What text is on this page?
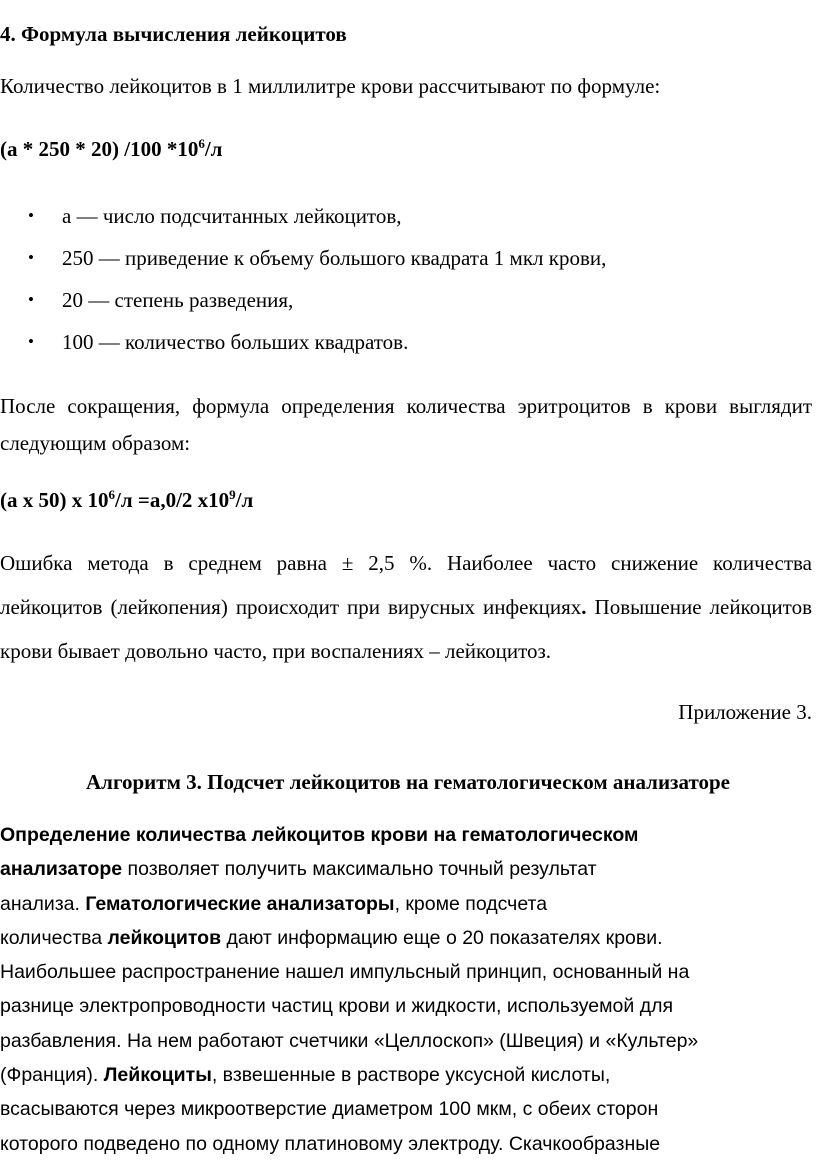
4. Формула вычисления лейкоцитов

Количество лейкоцитов в 1 миллилитре крови рассчитывают по формуле:

(а * 250 * 20) /100 $*10^6/л$

• а — число подсчитанных лейкоцитов,
• 250 — приведение к объему большого квадрата 1 мкл крови,
• 20 — степень разведения,
• 100 — количество больших квадратов.

После сокращения, формула определения количества эритроцитов в крови выглядит следующим образом:

(а х 50) х $10^6/л =а,0/2$ $х10^9/л$

Ошибка метода в среднем равна ± 2,5 %. Наиболее часто снижение количества лейкоцитов (лейкопения) происходит при вирусных инфекциях. Повышение лейкоцитов крови бывает довольно часто, при воспалениях – лейкоцитоз.

Приложение 3.

Алгоритм 3. Подсчет лейкоцитов на гематологическом анализаторе

Определение количества лейкоцитов крови на гематологическом
анализаторе позволяет получить максимально точный результат
анализа. Гематологические анализаторы, кроме подсчета
количества лейкоцитов дают информацию еще о 20 показателях крови.
Наибольшее распространение нашел импульсный принцип, основанный на
разнице электропроводности частиц крови и жидкости, используемой для
разбавления. На нем работают счетчики «Целлоскоп» (Швеция) и «Культер»
(Франция). Лейкоциты, взвешенные в растворе уксусной кислоты,
всасываются через микроотверстие диаметром 100 мкм, с обеих сторон
которого подведено по одному платиновому электроду. Скачкообразные
